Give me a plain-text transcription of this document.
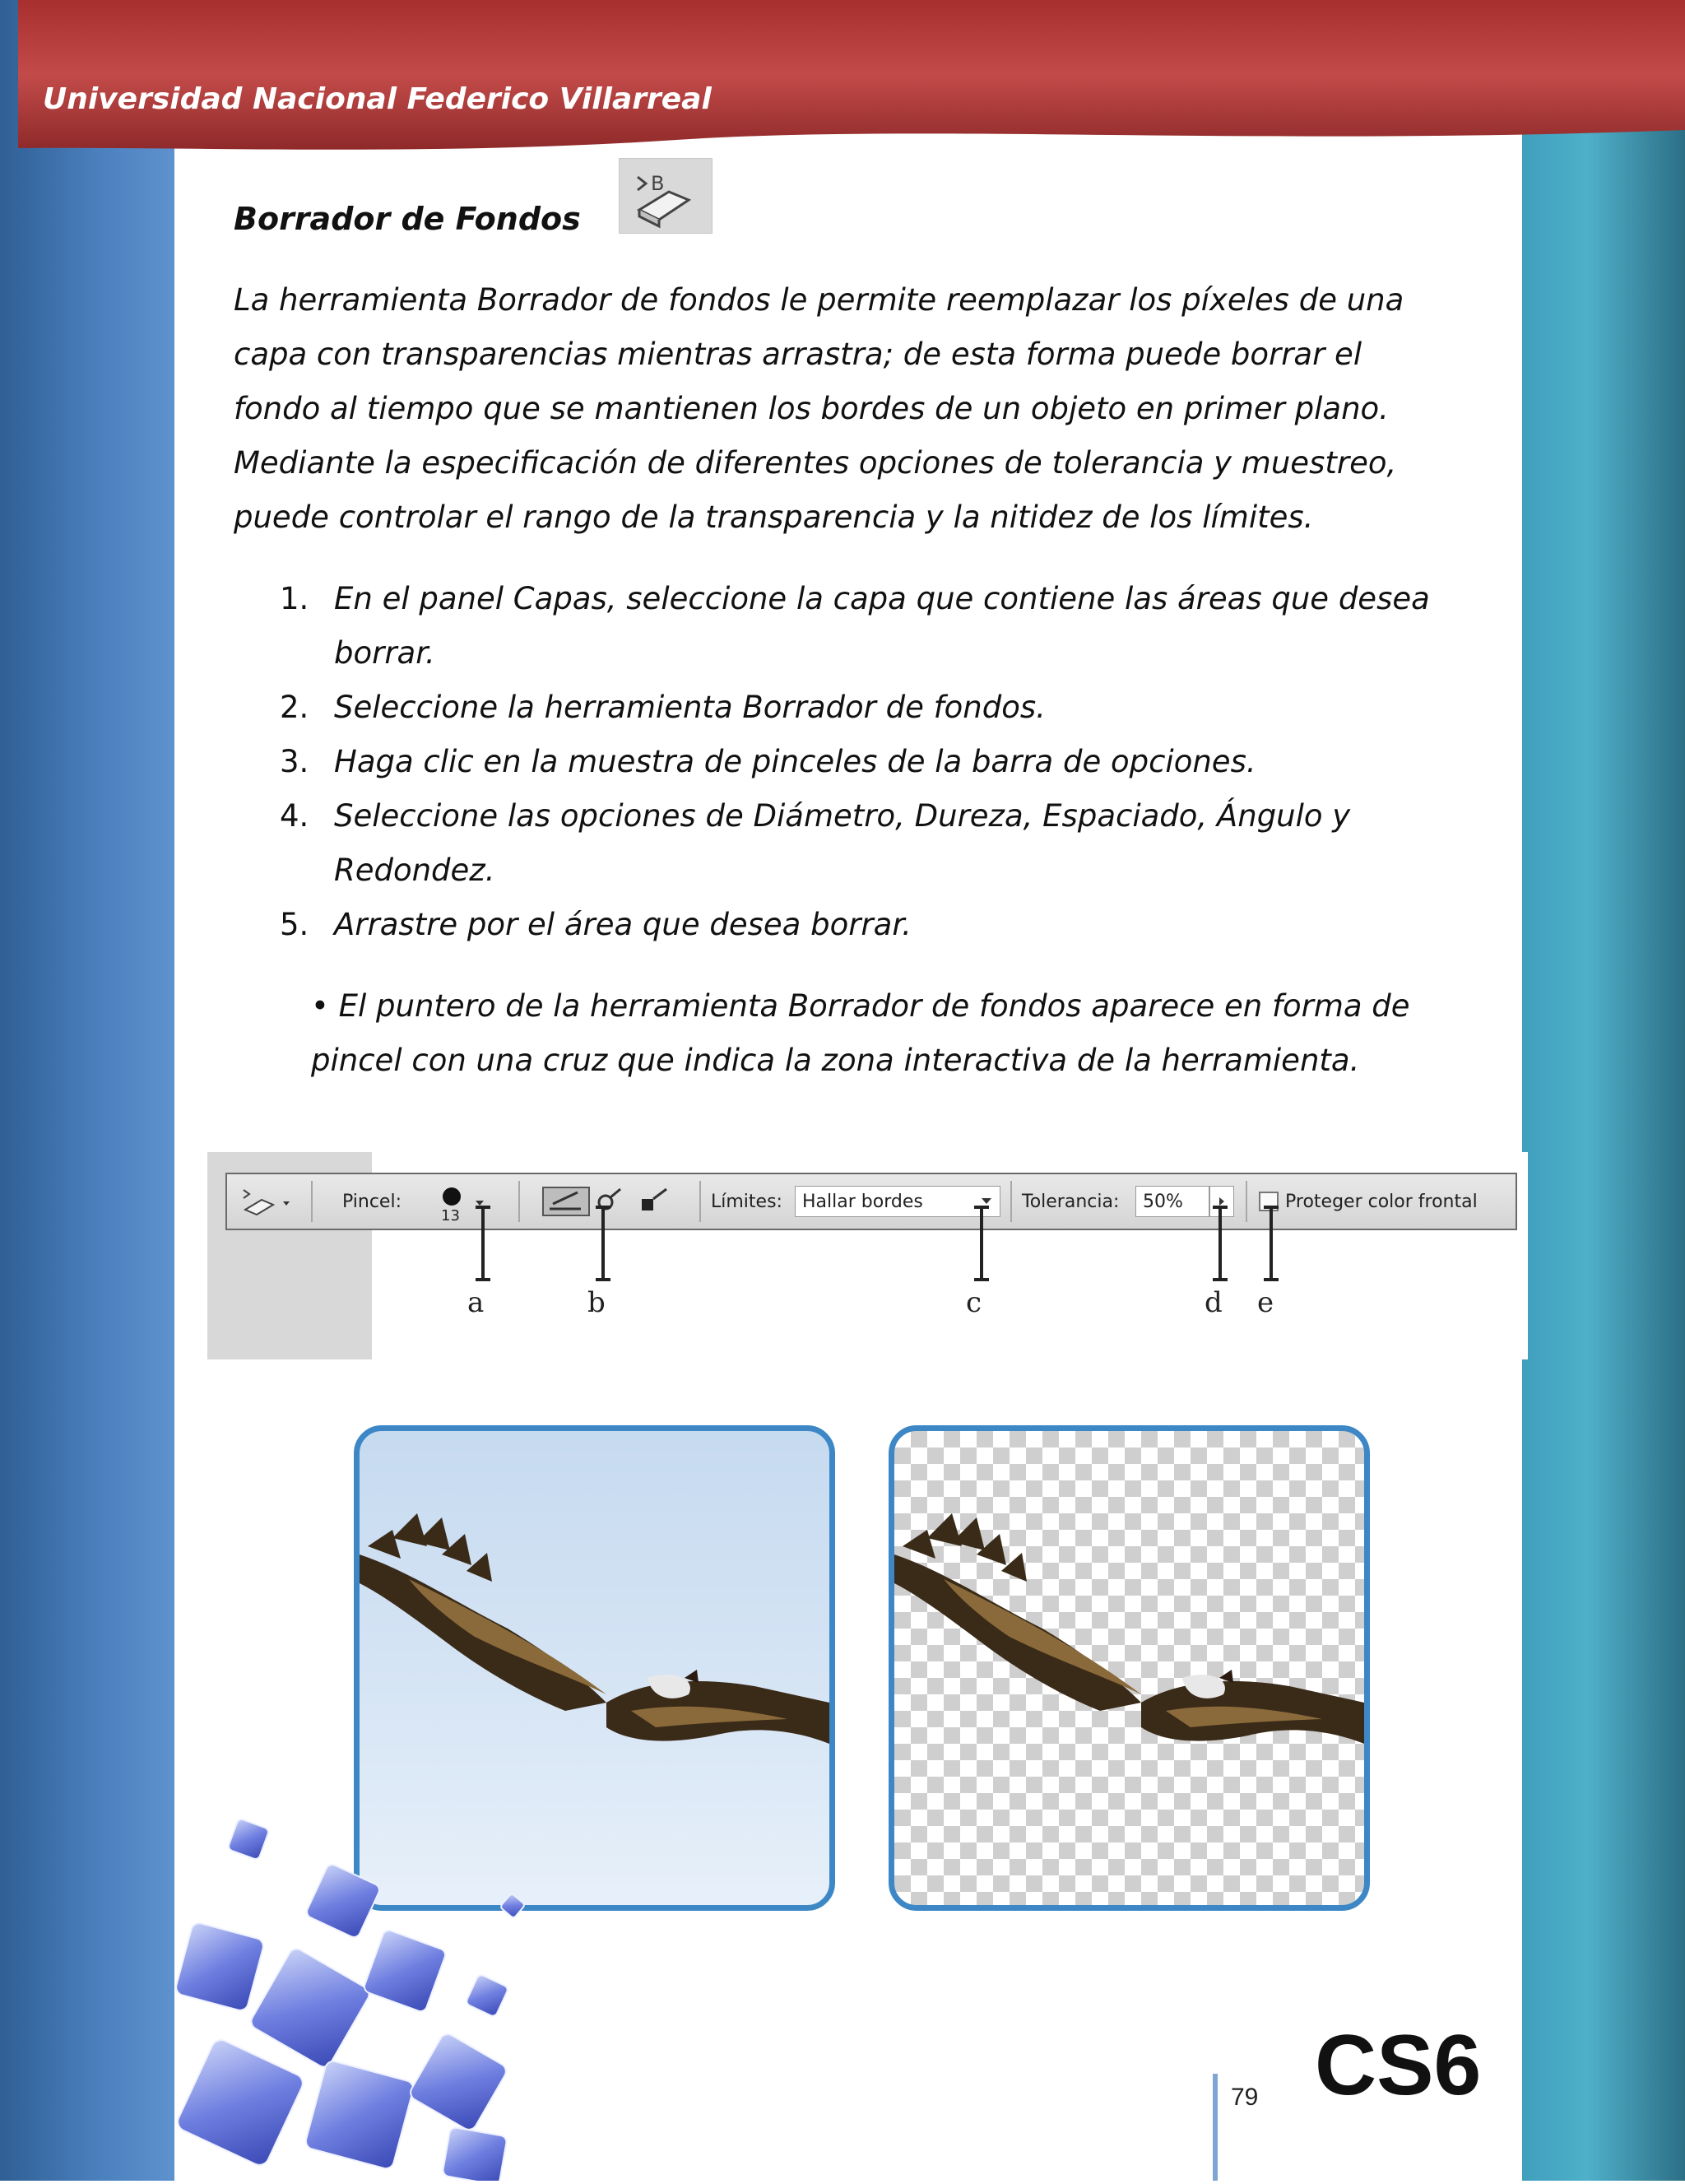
Universidad Nacional Federico Villarreal
Borrador de Fondos
B
La herramienta Borrador de fondos le permite reemplazar los píxeles de una capa con transparencias mientras arrastra; de esta forma puede borrar el fondo al tiempo que se mantienen los bordes de un objeto en primer plano. Mediante la especificación de diferentes opciones de tolerancia y muestreo, puede controlar el rango de la transparencia y la nitidez de los límites.
1. En el panel Capas, seleccione la capa que contiene las áreas que desea borrar.
2. Seleccione la herramienta Borrador de fondos.
3. Haga clic en la muestra de pinceles de la barra de opciones.
4. Seleccione las opciones de Diámetro, Dureza, Espaciado, Ángulo y Redondez.
5. Arrastre por el área que desea borrar.
• El puntero de la herramienta Borrador de fondos aparece en forma de pincel con una cruz que indica la zona interactiva de la herramienta.
Pincel:
13
Límites: Hallar bordes	Tolerancia:	50%	Proteger color frontal
a	b	c	d e
79 CS6
